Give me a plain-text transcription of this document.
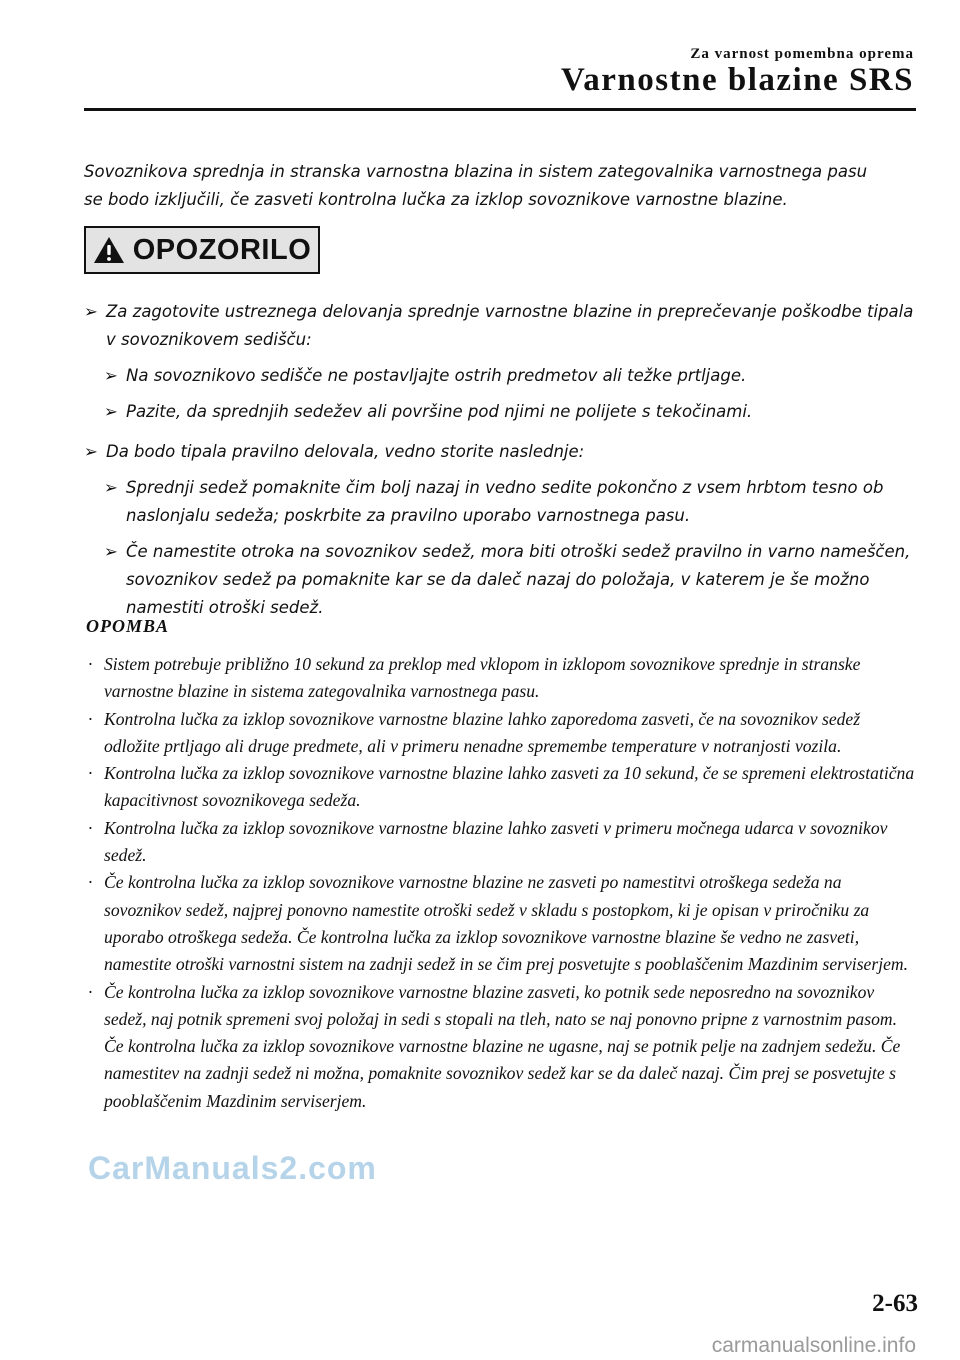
Za varnost pomembna oprema
Varnostne blazine SRS
Sovoznikova sprednja in stranska varnostna blazina in sistem zategovalnika varnostnega pasu se bodo izključili, če zasveti kontrolna lučka za izklop sovoznikove varnostne blazine.
OPOZORILO
➢ Za zagotovite ustreznega delovanja sprednje varnostne blazine in preprečevanje poškodbe tipala v sovoznikovem sedišču:
➢ Na sovoznikovo sedišče ne postavljajte ostrih predmetov ali težke prtljage.
➢ Pazite, da sprednjih sedežev ali površine pod njimi ne polijete s tekočinami.
➢ Da bodo tipala pravilno delovala, vedno storite naslednje:
➢ Sprednji sedež pomaknite čim bolj nazaj in vedno sedite pokončno z vsem hrbtom tesno ob naslonjalu sedeža; poskrbite za pravilno uporabo varnostnega pasu.
➢ Če namestite otroka na sovoznikov sedež, mora biti otroški sedež pravilno in varno nameščen, sovoznikov sedež pa pomaknite kar se da daleč nazaj do položaja, v katerem je še možno namestiti otroški sedež.
OPOMBA
· Sistem potrebuje približno 10 sekund za preklop med vklopom in izklopom sovoznikove sprednje in stranske varnostne blazine in sistema zategovalnika varnostnega pasu.
· Kontrolna lučka za izklop sovoznikove varnostne blazine lahko zaporedoma zasveti, če na sovoznikov sedež odložite prtljago ali druge predmete, ali v primeru nenadne spremembe temperature v notranjosti vozila.
· Kontrolna lučka za izklop sovoznikove varnostne blazine lahko zasveti za 10 sekund, če se spremeni elektrostatična kapacitivnost sovoznikovega sedeža.
· Kontrolna lučka za izklop sovoznikove varnostne blazine lahko zasveti v primeru močnega udarca v sovoznikov sedež.
· Če kontrolna lučka za izklop sovoznikove varnostne blazine ne zasveti po namestitvi otroškega sedeža na sovoznikov sedež, najprej ponovno namestite otroški sedež v skladu s postopkom, ki je opisan v priročniku za uporabo otroškega sedeža. Če kontrolna lučka za izklop sovoznikove varnostne blazine še vedno ne zasveti, namestite otroški varnostni sistem na zadnji sedež in se čim prej posvetujte s pooblaščenim Mazdinim serviserjem.
· Če kontrolna lučka za izklop sovoznikove varnostne blazine zasveti, ko potnik sede neposredno na sovoznikov sedež, naj potnik spremeni svoj položaj in sedi s stopali na tleh, nato se naj ponovno pripne z varnostnim pasom. Če kontrolna lučka za izklop sovoznikove varnostne blazine ne ugasne, naj se potnik pelje na zadnjem sedežu. Če namestitev na zadnji sedež ni možna, pomaknite sovoznikov sedež kar se da daleč nazaj. Čim prej se posvetujte s pooblaščenim Mazdinim serviserjem.
CarManuals2.com
2-63
carmanualsonline.info
